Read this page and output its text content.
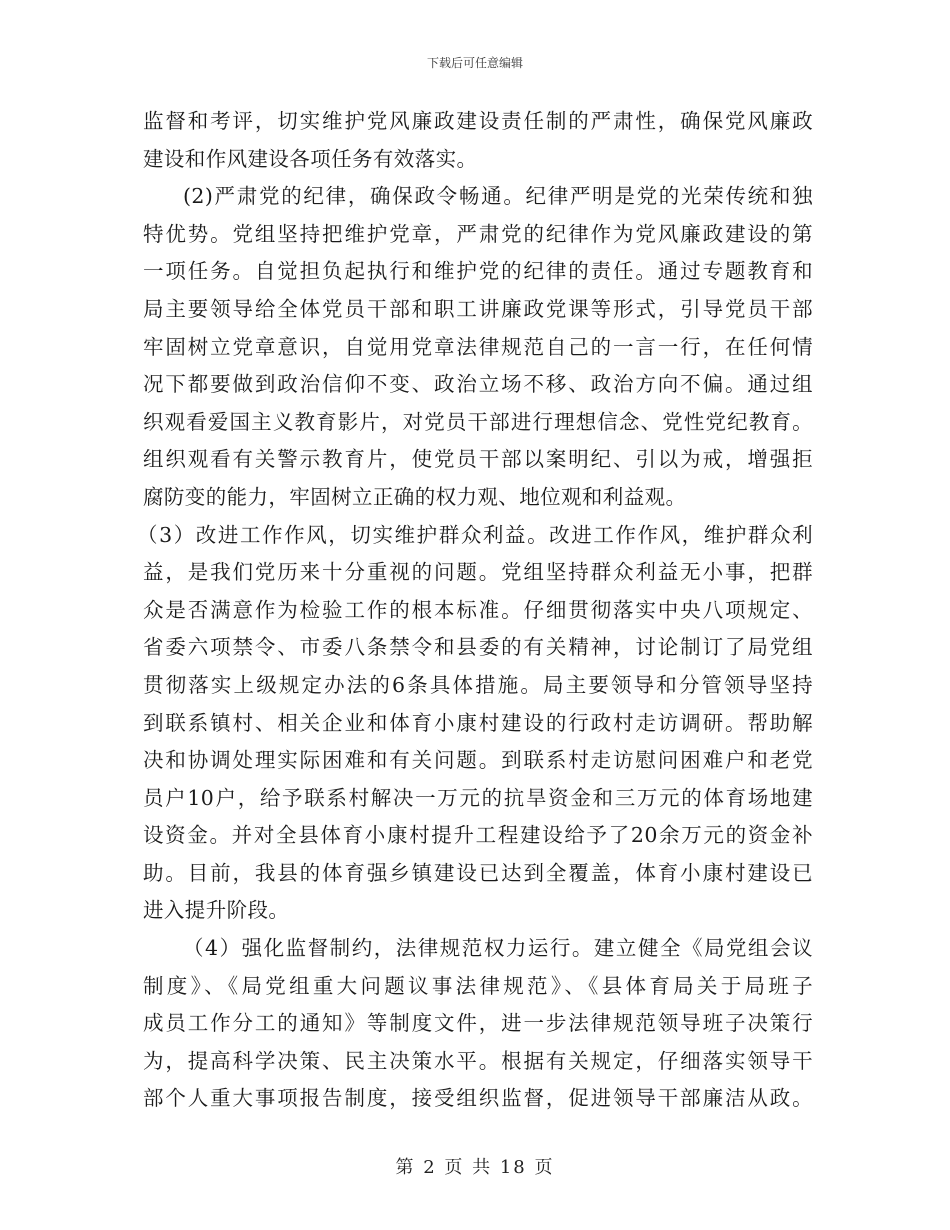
下载后可任意编辑
监督和考评，切实维护党风廉政建设责任制的严肃性，确保党风廉政
建设和作风建设各项任务有效落实。
(2)严肃党的纪律，确保政令畅通。纪律严明是党的光荣传统和独
特优势。党组坚持把维护党章，严肃党的纪律作为党风廉政建设的第
一项任务。自觉担负起执行和维护党的纪律的责任。通过专题教育和
局主要领导给全体党员干部和职工讲廉政党课等形式，引导党员干部
牢固树立党章意识，自觉用党章法律规范自己的一言一行，在任何情
况下都要做到政治信仰不变、政治立场不移、政治方向不偏。通过组
织观看爱国主义教育影片，对党员干部进行理想信念、党性党纪教育。
组织观看有关警示教育片，使党员干部以案明纪、引以为戒，增强拒
腐防变的能力，牢固树立正确的权力观、地位观和利益观。
（3）改进工作作风，切实维护群众利益。改进工作作风，维护群众利
益，是我们党历来十分重视的问题。党组坚持群众利益无小事，把群
众是否满意作为检验工作的根本标准。仔细贯彻落实中央八项规定、
省委六项禁令、市委八条禁令和县委的有关精神，讨论制订了局党组
贯彻落实上级规定办法的6条具体措施。局主要领导和分管领导坚持
到联系镇村、相关企业和体育小康村建设的行政村走访调研。帮助解
决和协调处理实际困难和有关问题。到联系村走访慰问困难户和老党
员户10户，给予联系村解决一万元的抗旱资金和三万元的体育场地建
设资金。并对全县体育小康村提升工程建设给予了20余万元的资金补
助。目前，我县的体育强乡镇建设已达到全覆盖，体育小康村建设已
进入提升阶段。
（4）强化监督制约，法律规范权力运行。建立健全《局党组会议
制度》、《局党组重大问题议事法律规范》、《县体育局关于局班子
成员工作分工的通知》等制度文件，进一步法律规范领导班子决策行
为，提高科学决策、民主决策水平。根据有关规定，仔细落实领导干
部个人重大事项报告制度，接受组织监督，促进领导干部廉洁从政。
第 2 页 共 18 页
